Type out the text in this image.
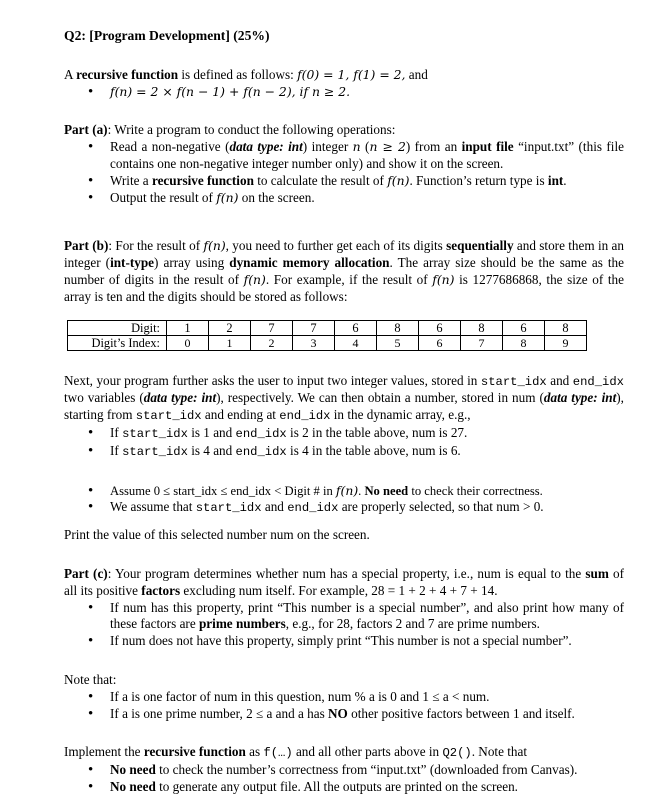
Q2: [Program Development] (25%)

A recursive function is defined as follows: f(0) = 1, f(1) = 2, and

• f(n) = 2 × f(n − 1) + f(n − 2), if n ≥ 2.

Part (a): Write a program to conduct the following operations:

• Read a non-negative (data type: int) integer n (n ≥ 2) from an input file “input.txt” (this file contains one non-negative integer number only) and show it on the screen.

• Write a recursive function to calculate the result of f(n). Function’s return type is int.

• Output the result of f(n) on the screen.

Part (b): For the result of f(n), you need to further get each of its digits sequentially and store them in an integer (int-type) array using dynamic memory allocation. The array size should be the same as the number of digits in the result of f(n). For example, if the result of f(n) is 1277686868, the size of the array is ten and the digits should be stored as follows:

Digit:	1	2	7	7	6	8	6	8	6	8
Digit’s Index:	0	1	2	3	4	5	6	7	8	9

Next, your program further asks the user to input two integer values, stored in start_idx and end_idx two variables (data type: int), respectively. We can then obtain a number, stored in num (data type: int), starting from start_idx and ending at end_idx in the dynamic array, e.g.,

• If start_idx is 1 and end_idx is 2 in the table above, num is 27.

• If start_idx is 4 and end_idx is 4 in the table above, num is 6.

• Assume 0 ≤ start_idx ≤ end_idx < Digit # in f(n). No need to check their correctness.

• We assume that start_idx and end_idx are properly selected, so that num > 0.

Print the value of this selected number num on the screen.

Part (c): Your program determines whether num has a special property, i.e., num is equal to the sum of all its positive factors excluding num itself. For example, 28 = 1 + 2 + 4 + 7 + 14.

• If num has this property, print “This number is a special number”, and also print how many of these factors are prime numbers, e.g., for 28, factors 2 and 7 are prime numbers.

• If num does not have this property, simply print “This number is not a special number”.

Note that:

• If a is one factor of num in this question, num % a is 0 and 1 ≤ a < num.

• If a is one prime number, 2 ≤ a and a has NO other positive factors between 1 and itself.

Implement the recursive function as f(…) and all other parts above in Q2(). Note that

• No need to check the number’s correctness from “input.txt” (downloaded from Canvas).

• No need to generate any output file. All the outputs are printed on the screen.
